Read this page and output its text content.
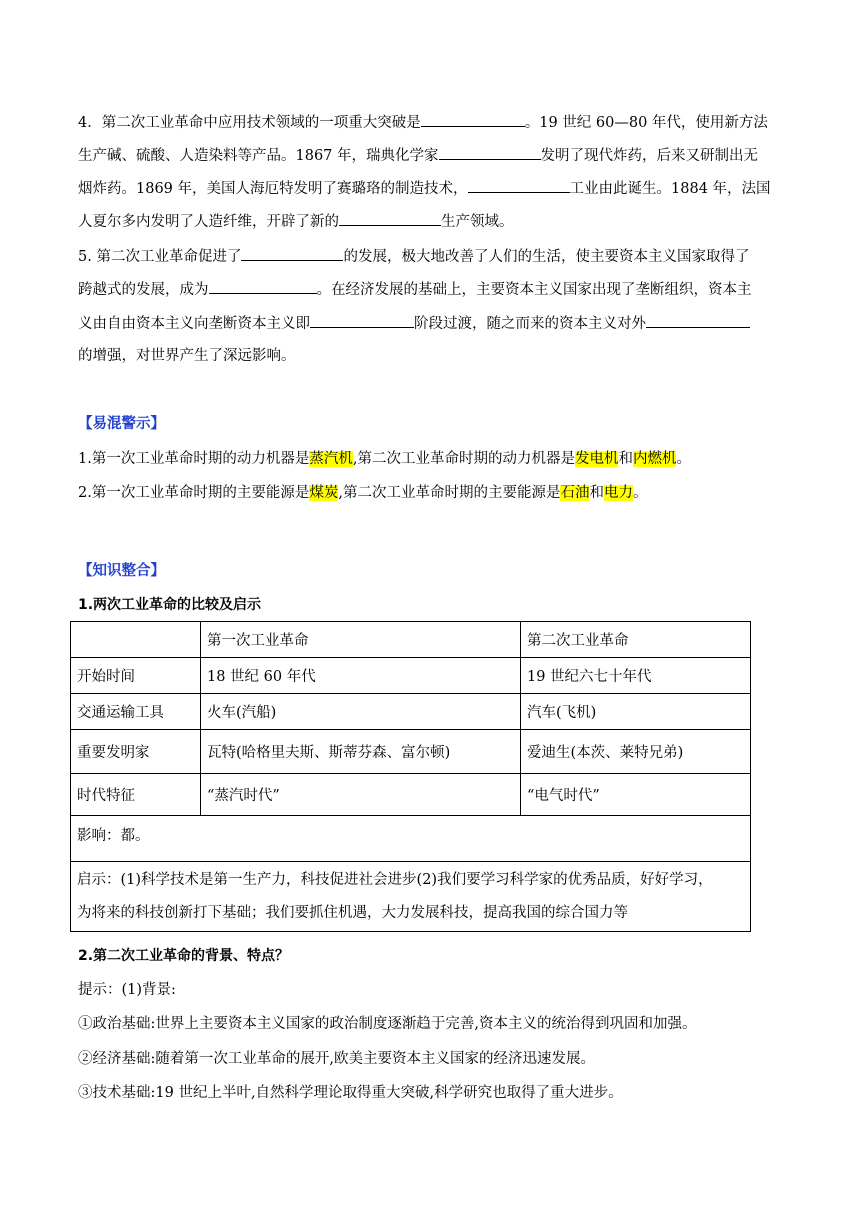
4．第二次工业革命中应用技术领域的一项重大突破是	。19 世纪 60—80 年代，使用新方法
生产碱、硫酸、人造染料等产品。1867 年，瑞典化学家	发明了现代炸药，后来又研制出无
烟炸药。1869 年，美国人海厄特发明了赛璐珞的制造技术，	工业由此诞生。1884 年，法国
人夏尔多内发明了人造纤维，开辟了新的	生产领域。
5. 第二次工业革命促进了	的发展，极大地改善了人们的生活，使主要资本主义国家取得了
跨越式的发展，成为	。在经济发展的基础上，主要资本主义国家出现了垄断组织，资本主
义由自由资本主义向垄断资本主义即	阶段过渡，随之而来的资本主义对外
的增强，对世界产生了深远影响。
【易混警示】
1.第一次工业革命时期的动力机器是蒸汽机,第二次工业革命时期的动力机器是发电机和内燃机。
2.第一次工业革命时期的主要能源是煤炭,第二次工业革命时期的主要能源是石油和电力。
【知识整合】
1.两次工业革命的比较及启示
	第一次工业革命	第二次工业革命
开始时间	18 世纪 60 年代	19 世纪六七十年代
交通运输工具	火车(汽船)	汽车(飞机)
重要发明家	瓦特(哈格里夫斯、斯蒂芬森、富尔顿)	爱迪生(本茨、莱特兄弟)
时代特征	“蒸汽时代”	“电气时代”
影响：都。		

启示：(1)科学技术是第一生产力，科技促进社会进步(2)我们要学习科学家的优秀品质，好好学习，
为将来的科技创新打下基础；我们要抓住机遇，大力发展科技，提高我国的综合国力等		
2.第二次工业革命的背景、特点？
提示：(1)背景:
①政治基础:世界上主要资本主义国家的政治制度逐渐趋于完善,资本主义的统治得到巩固和加强。
②经济基础:随着第一次工业革命的展开,欧美主要资本主义国家的经济迅速发展。
③技术基础:19 世纪上半叶,自然科学理论取得重大突破,科学研究也取得了重大进步。
